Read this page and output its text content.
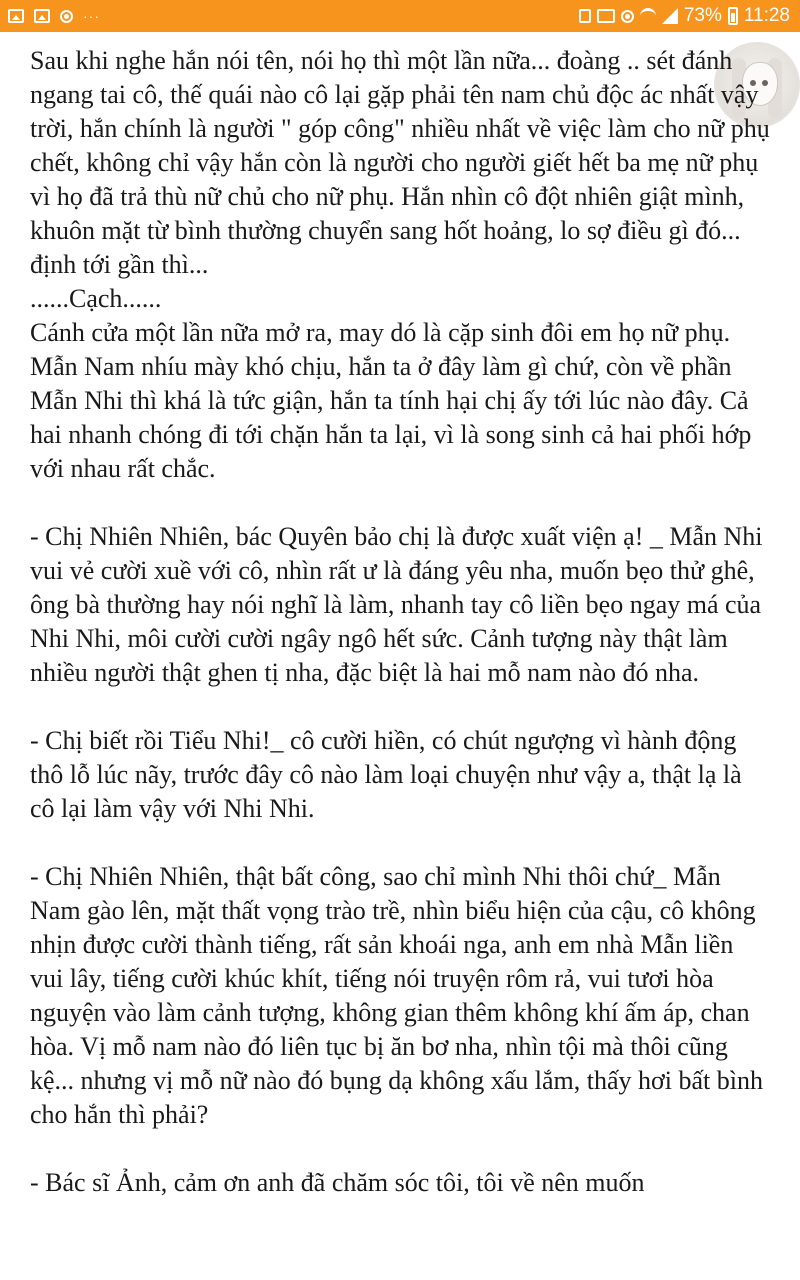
···	73% 11:28

Sau khi nghe hắn nói tên, nói họ thì một lần nữa... đoàng .. sét đánh ngang tai cô, thế quái nào cô lại gặp phải tên nam chủ độc ác nhất vậy trời, hắn chính là người " góp công" nhiều nhất về việc làm cho nữ phụ chết, không chỉ vậy hắn còn là người cho người giết hết ba mẹ nữ phụ vì họ đã trả thù nữ chủ cho nữ phụ. Hắn nhìn cô đột nhiên giật mình, khuôn mặt từ bình thường chuyển sang hốt hoảng, lo sợ điều gì đó... định tới gần thì...

......Cạch......

Cánh cửa một lần nữa mở ra, may dó là cặp sinh đôi em họ nữ phụ. Mẫn Nam nhíu mày khó chịu, hắn ta ở đây làm gì chứ, còn về phần Mẫn Nhi thì khá là tức giận, hắn ta tính hại chị ấy tới lúc nào đây. Cả hai nhanh chóng đi tới chặn hắn ta lại, vì là song sinh cả hai phối hớp với nhau rất chắc.

- Chị Nhiên Nhiên, bác Quyên bảo chị là được xuất viện ạ! _ Mẫn Nhi vui vẻ cười xuề với cô, nhìn rất ư là đáng yêu nha, muốn bẹo thử ghê, ông bà thường hay nói nghĩ là làm, nhanh tay cô liền bẹo ngay má của Nhi Nhi, môi cười cười ngây ngô hết sức. Cảnh tượng này thật làm nhiều người thật ghen tị nha, đặc biệt là hai mỗ nam nào đó nha.

- Chị biết rồi Tiểu Nhi!_ cô cười hiền, có chút ngượng vì hành động thô lỗ lúc nãy, trước đây cô nào làm loại chuyện như vậy a, thật lạ là cô lại làm vậy với Nhi Nhi.

- Chị Nhiên Nhiên, thật bất công, sao chỉ mình Nhi thôi chứ_ Mẫn Nam gào lên, mặt thất vọng trào trề, nhìn biểu hiện của cậu, cô không nhịn được cười thành tiếng, rất sản khoái nga, anh em nhà Mẫn liền vui lây, tiếng cười khúc khít, tiếng nói truyện rôm rả, vui tươi hòa nguyện vào làm cảnh tượng, không gian thêm không khí ấm áp, chan hòa. Vị mỗ nam nào đó liên tục bị ăn bơ nha, nhìn tội mà thôi cũng kệ... nhưng vị mỗ nữ nào đó bụng dạ không xấu lắm, thấy hơi bất bình cho hắn thì phải?

- Bác sĩ Ảnh, cảm ơn anh đã chăm sóc tôi, tôi về nên muốn
